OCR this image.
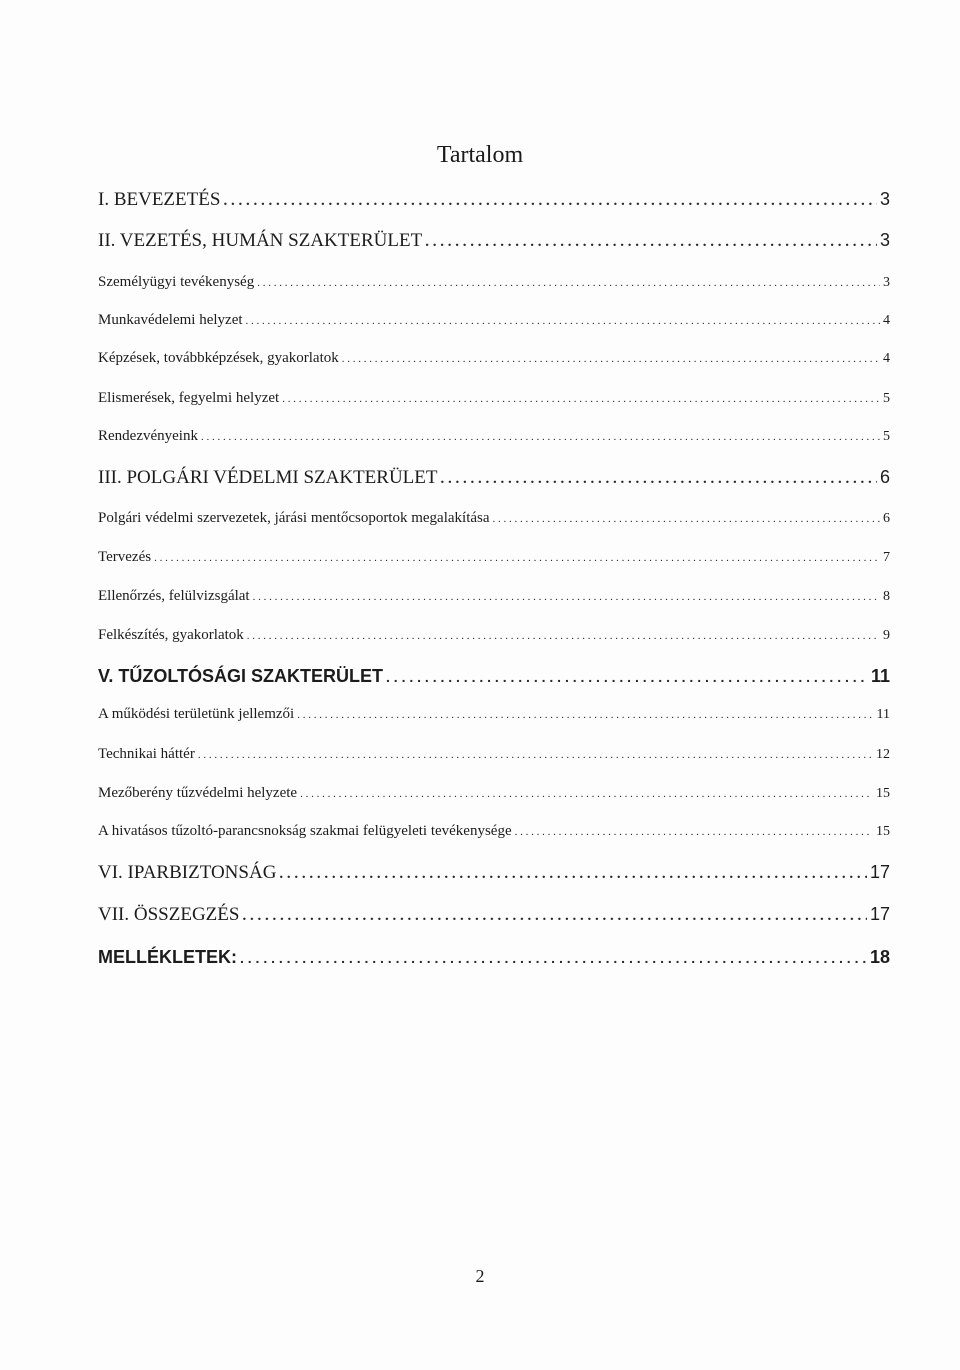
Tartalom
I. BEVEZETÉS . . .	3
II. VEZETÉS, HUMÁN SZAKTERÜLET . . .	3
Személyügyi tevékenység . . .	3
Munkavédelemi helyzet . . .	4
Képzések, továbbképzések, gyakorlatok . . .	4
Elismerések, fegyelmi helyzet . . .	5
Rendezvényeink . . .	5
III. POLGÁRI VÉDELMI SZAKTERÜLET . . .	6
Polgári védelmi szervezetek, járási mentőcsoportok megalakítása . . .	6
Tervezés . . .	7
Ellenőrzés, felülvizsgálat . . .	8
Felkészítés, gyakorlatok . . .	9
V. TŰZOLTÓSÁGI SZAKTERÜLET . . .	11
A működési területünk jellemzői . . .	11
Technikai háttér . . .	12
Mezőberény tűzvédelmi helyzete . . .	15
A hivatásos tűzoltó-parancsnokság szakmai felügyeleti tevékenysége . . .	15
VI. IPARBIZTONSÁG . . .	17
VII. ÖSSZEGZÉS . . .	17
MELLÉKLETEK: . . .	18
2
